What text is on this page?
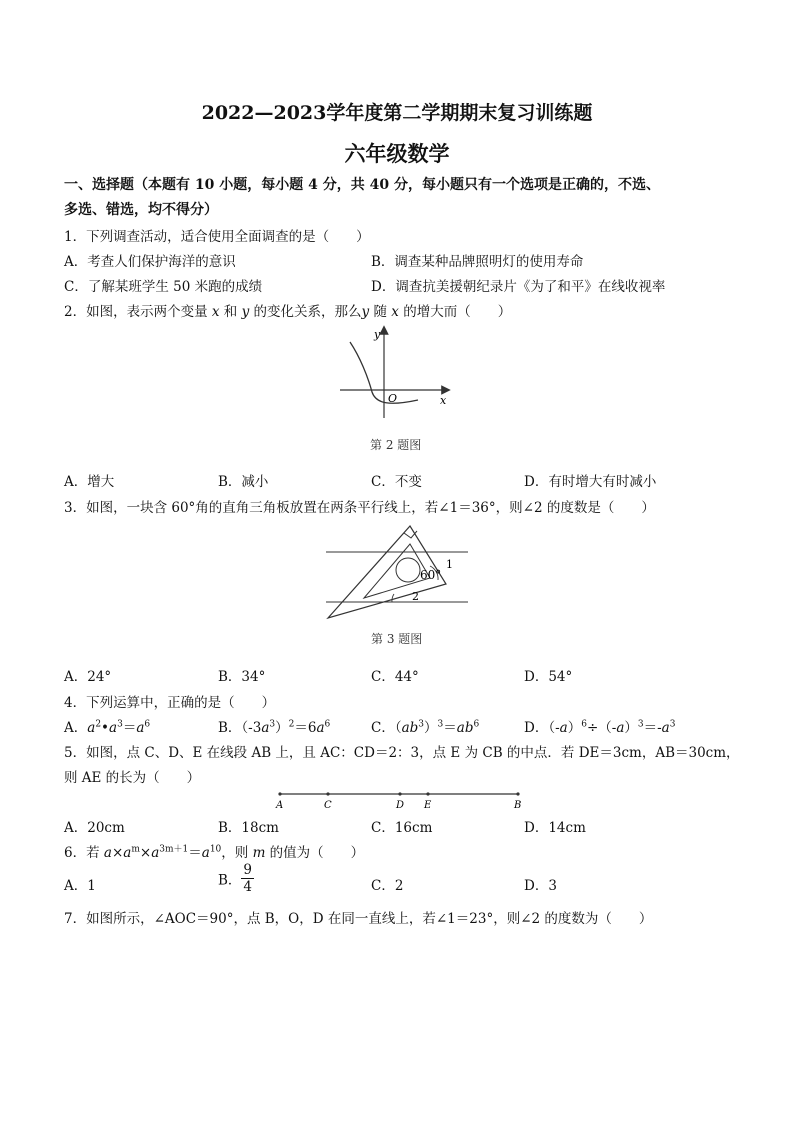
2022—2023学年度第二学期期末复习训练题
六年级数学
一、选择题（本题有 10 小题，每小题 4 分，共 40 分，每小题只有一个选项是正确的，不选、
多选、错选，均不得分）
1．下列调查活动，适合使用全面调查的是（　　）
A．考查人们保护海洋的意识	B．调查某种品牌照明灯的使用寿命
C．了解某班学生 50 米跑的成绩	D．调查抗美援朝纪录片《为了和平》在线收视率
2．如图，表示两个变量 x 和 y 的变化关系，那么y 随 x 的增大而（　　）
y
x
O
第 2 题图
A．增大	B．减小	C．不变	D．有时增大有时减小
3．如图，一块含 60°角的直角三角板放置在两条平行线上，若∠1＝36°，则∠2 的度数是（　　）
60°
1
2
第 3 题图
A．24°	B．34°	C．44°	D．54°
4．下列运算中，正确的是（　　）
A．$a^2•a^3=a^6$	B．$(-3a^3)^2=6a^6$	C．$(ab^3)^3=ab^6$	D．$(-a)^6\div(-a)^3=-a^3$
5．如图，点 C、D、E 在线段 AB 上，且 AC：CD＝2：3，点 E 为 CB 的中点．若 DE＝3cm，AB＝30cm，
则 AE 的长为（　　）
A	C	D E	B
A．20cm	B．18cm	C．16cm	D．14cm
6．若 $a\times a^m\times a^{3m+1}=a^{10}$，则 m 的值为（　　）
A．1	B． $\frac{9}{4}$	C．2	D．3
7．如图所示，∠AOC＝90°，点 B，O，D 在同一直线上，若∠1＝23°，则∠2 的度数为（　　）
